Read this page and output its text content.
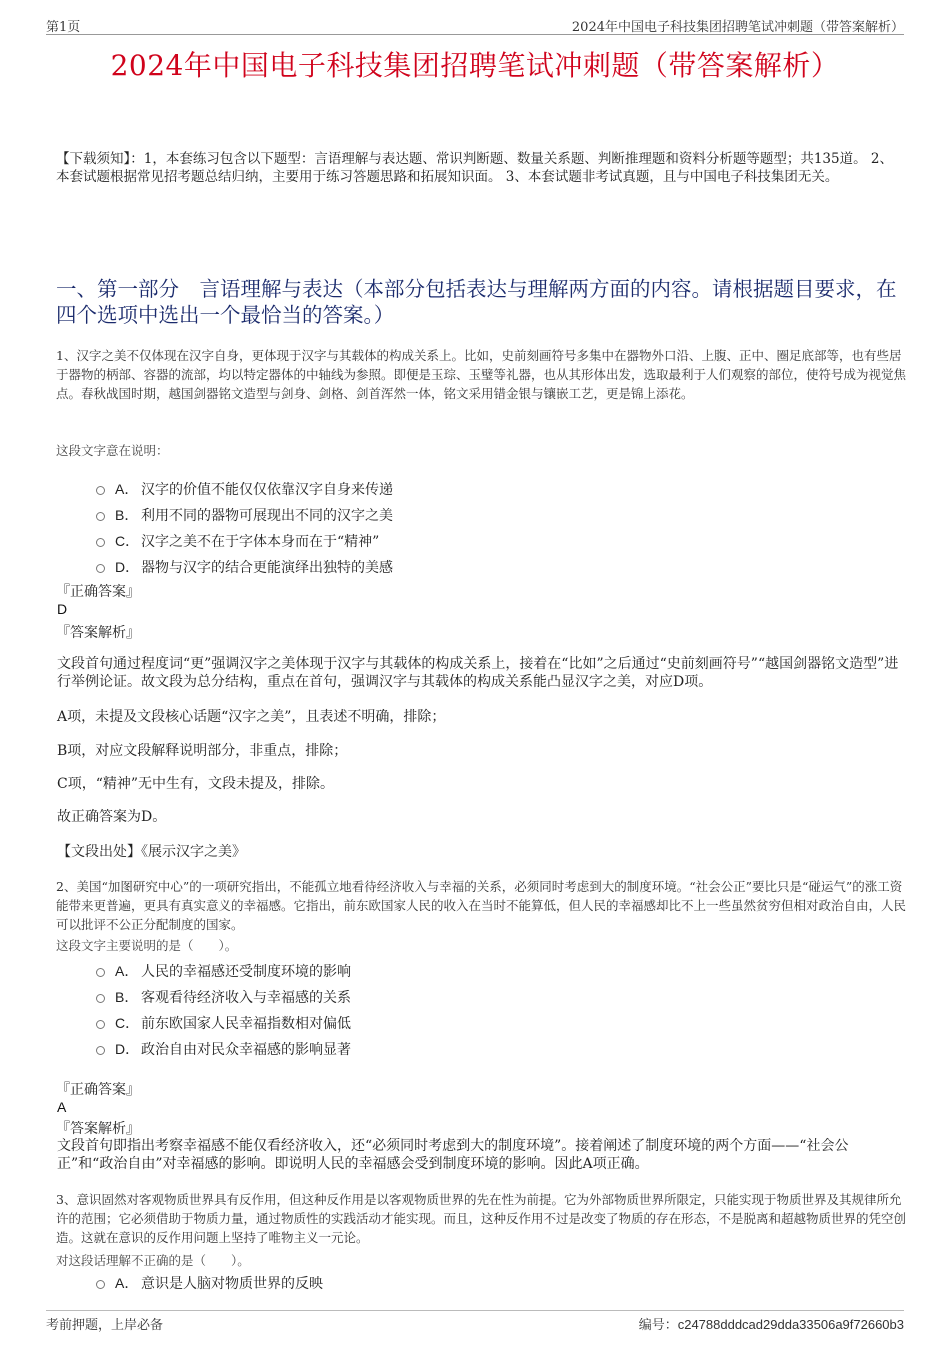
第1页	2024年中国电子科技集团招聘笔试冲刺题（带答案解析）
2024年中国电子科技集团招聘笔试冲刺题（带答案解析）
【下载须知】：1，本套练习包含以下题型：言语理解与表达题、常识判断题、数量关系题、判断推理题和资料分析题等题型；共135道。 2、本套试题根据常见招考题总结归纳，主要用于练习答题思路和拓展知识面。 3、本套试题非考试真题，且与中国电子科技集团无关。
一、第一部分　言语理解与表达（本部分包括表达与理解两方面的内容。请根据题目要求，在四个选项中选出一个最恰当的答案。）
1、汉字之美不仅体现在汉字自身，更体现于汉字与其载体的构成关系上。比如，史前刻画符号多集中在器物外口沿、上腹、正中、圈足底部等，也有些居于器物的柄部、容器的流部，均以特定器体的中轴线为参照。即便是玉琮、玉璧等礼器，也从其形体出发，选取最利于人们观察的部位，使符号成为视觉焦点。春秋战国时期，越国剑器铭文造型与剑身、剑格、剑首浑然一体，铭文采用错金银与镶嵌工艺，更是锦上添花。
这段文字意在说明：
A． 汉字的价值不能仅仅依靠汉字自身来传递
B． 利用不同的器物可展现出不同的汉字之美
C． 汉字之美不在于字体本身而在于“精神”
D． 器物与汉字的结合更能演绎出独特的美感
『正确答案』
D
『答案解析』
文段首句通过程度词“更”强调汉字之美体现于汉字与其载体的构成关系上，接着在“比如”之后通过“史前刻画符号”“越国剑器铭文造型”进行举例论证。故文段为总分结构，重点在首句，强调汉字与其载体的构成关系能凸显汉字之美，对应D项。
A项，未提及文段核心话题“汉字之美”，且表述不明确，排除；
B项，对应文段解释说明部分，非重点，排除；
C项，“精神”无中生有，文段未提及，排除。
故正确答案为D。
【文段出处】《展示汉字之美》
2、美国“加图研究中心”的一项研究指出，不能孤立地看待经济收入与幸福的关系，必须同时考虑到大的制度环境。“社会公正”要比只是“碰运气”的涨工资能带来更普遍，更具有真实意义的幸福感。它指出，前东欧国家人民的收入在当时不能算低，但人民的幸福感却比不上一些虽然贫穷但相对政治自由，人民可以批评不公正分配制度的国家。
这段文字主要说明的是（　　）。
A． 人民的幸福感还受制度环境的影响
B． 客观看待经济收入与幸福感的关系
C． 前东欧国家人民幸福指数相对偏低
D． 政治自由对民众幸福感的影响显著
『正确答案』
A
『答案解析』
文段首句即指出考察幸福感不能仅看经济收入，还“必须同时考虑到大的制度环境”。接着阐述了制度环境的两个方面——“社会公正”和“政治自由”对幸福感的影响。即说明人民的幸福感会受到制度环境的影响。因此A项正确。
3、意识固然对客观物质世界具有反作用，但这种反作用是以客观物质世界的先在性为前提。它为外部物质世界所限定，只能实现于物质世界及其规律所允许的范围；它必须借助于物质力量，通过物质性的实践活动才能实现。而且，这种反作用不过是改变了物质的存在形态，不是脱离和超越物质世界的凭空创造。这就在意识的反作用问题上坚持了唯物主义一元论。
对这段话理解不正确的是（　　）。
A． 意识是人脑对物质世界的反映
考前押题，上岸必备	编号：c24788dddcad29dda33506a9f72660b3
